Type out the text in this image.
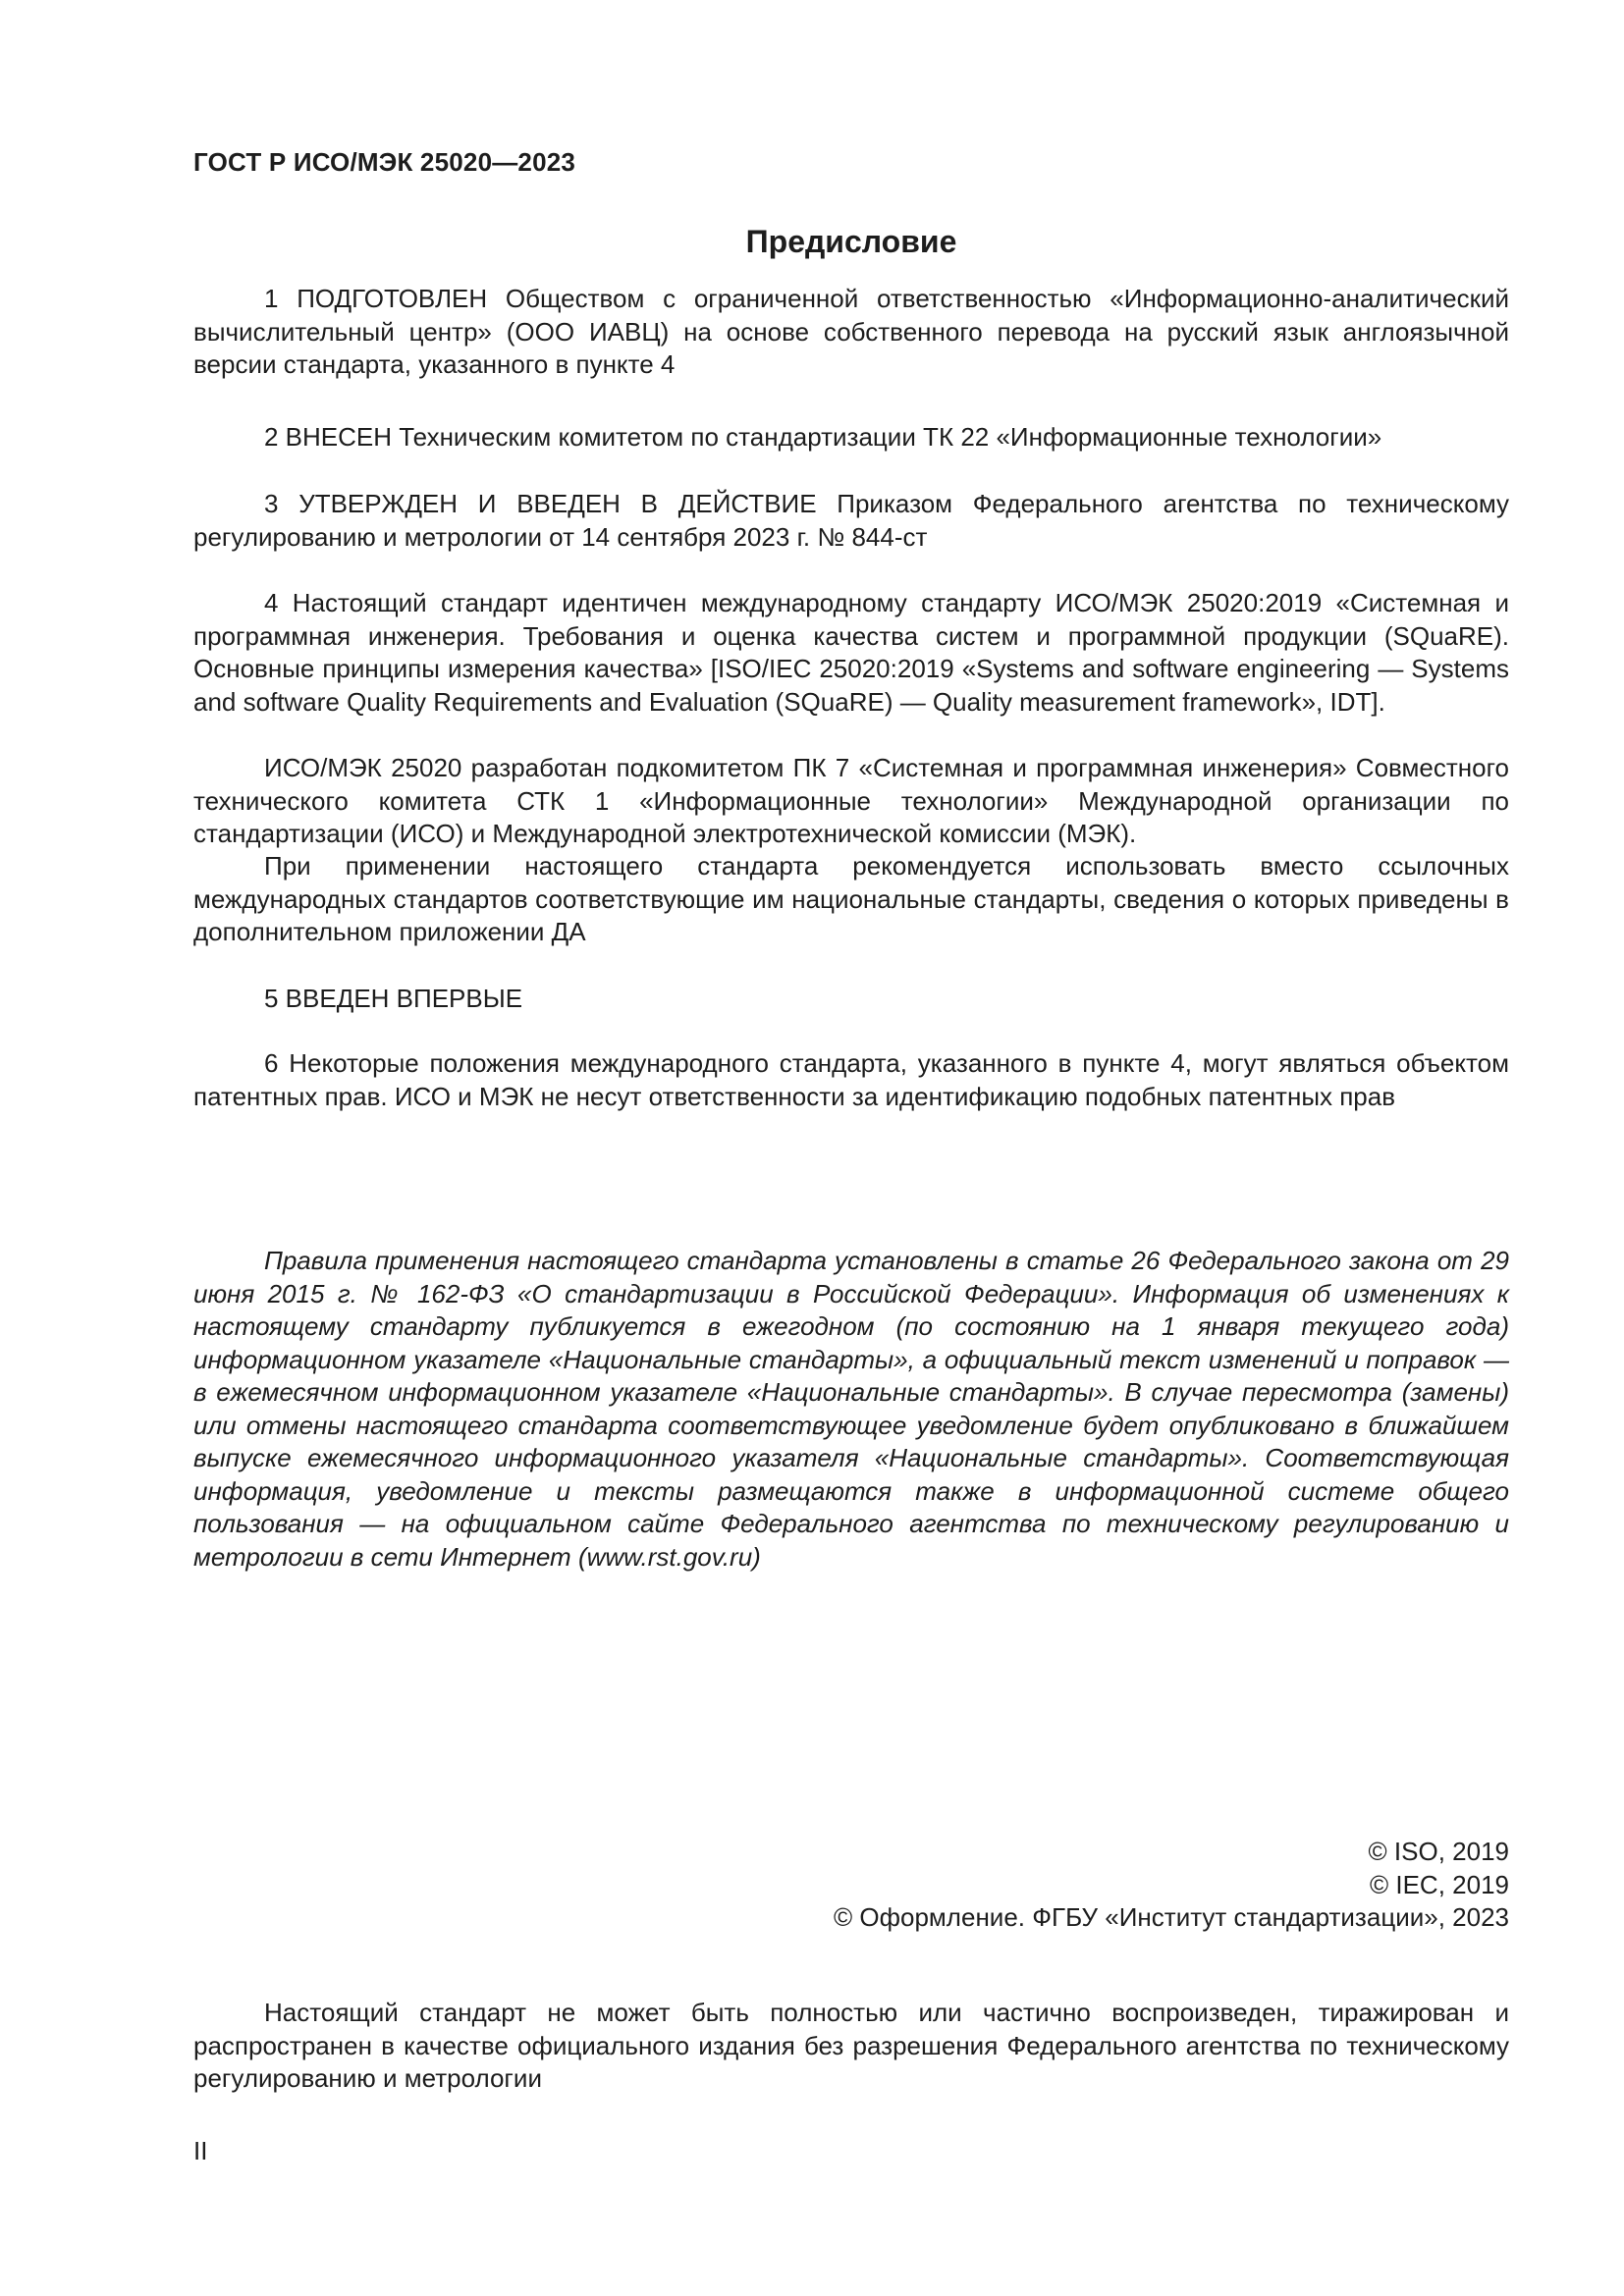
ГОСТ Р ИСО/МЭК 25020—2023
Предисловие
1 ПОДГОТОВЛЕН Обществом с ограниченной ответственностью «Информационно-аналитический вычислительный центр» (ООО ИАВЦ) на основе собственного перевода на русский язык англоязычной версии стандарта, указанного в пункте 4
2 ВНЕСЕН Техническим комитетом по стандартизации ТК 22 «Информационные технологии»
3 УТВЕРЖДЕН И ВВЕДЕН В ДЕЙСТВИЕ Приказом Федерального агентства по техническому регулированию и метрологии от 14 сентября 2023 г. № 844-ст
4 Настоящий стандарт идентичен международному стандарту ИСО/МЭК 25020:2019 «Системная и программная инженерия. Требования и оценка качества систем и программной продукции (SQuaRE). Основные принципы измерения качества» [ISO/IEC 25020:2019 «Systems and software engineering — Systems and software Quality Requirements and Evaluation (SQuaRE) — Quality measurement framework», IDT].
ИСО/МЭК 25020 разработан подкомитетом ПК 7 «Системная и программная инженерия» Совместного технического комитета СТК 1 «Информационные технологии» Международной организации по стандартизации (ИСО) и Международной электротехнической комиссии (МЭК).
При применении настоящего стандарта рекомендуется использовать вместо ссылочных международных стандартов соответствующие им национальные стандарты, сведения о которых приведены в дополнительном приложении ДА
5 ВВЕДЕН ВПЕРВЫЕ
6 Некоторые положения международного стандарта, указанного в пункте 4, могут являться объектом патентных прав. ИСО и МЭК не несут ответственности за идентификацию подобных патентных прав
Правила применения настоящего стандарта установлены в статье 26 Федерального закона от 29 июня 2015 г. № 162-ФЗ «О стандартизации в Российской Федерации». Информация об изменениях к настоящему стандарту публикуется в ежегодном (по состоянию на 1 января текущего года) информационном указателе «Национальные стандарты», а официальный текст изменений и поправок — в ежемесячном информационном указателе «Национальные стандарты». В случае пересмотра (замены) или отмены настоящего стандарта соответствующее уведомление будет опубликовано в ближайшем выпуске ежемесячного информационного указателя «Национальные стандарты». Соответствующая информация, уведомление и тексты размещаются также в информационной системе общего пользования — на официальном сайте Федерального агентства по техническому регулированию и метрологии в сети Интернет (www.rst.gov.ru)
© ISO, 2019
© IEC, 2019
© Оформление. ФГБУ «Институт стандартизации», 2023
Настоящий стандарт не может быть полностью или частично воспроизведен, тиражирован и распространен в качестве официального издания без разрешения Федерального агентства по техническому регулированию и метрологии
II
